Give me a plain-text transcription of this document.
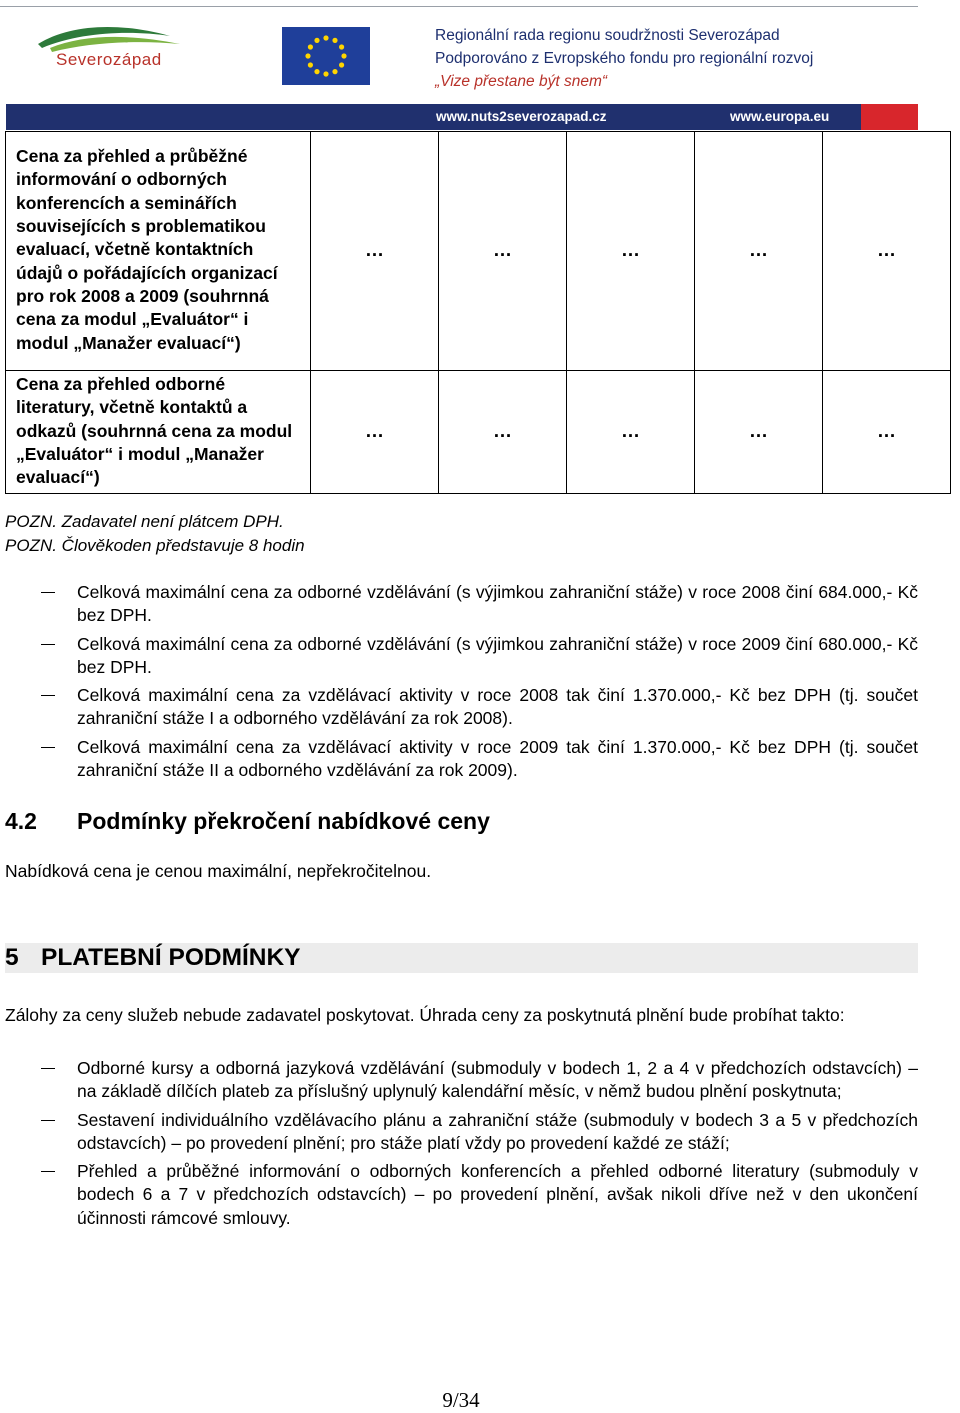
Severozápad
Regionální rada regionu soudržnosti Severozápad
Podporováno z Evropského fondu pro regionální rozvoj
„Vize přestane být snem“
www.nuts2severozapad.cz	www.europa.eu
Cena za přehled a průběžné informování o odborných konferencích a seminářích souvisejících s problematikou evaluací, včetně kontaktních údajů o pořádajících organizací pro rok 2008 a 2009 (souhrnná cena za modul „Evaluátor“ i modul „Manažer evaluací“)	…	…	…	…	…
Cena za přehled odborné literatury, včetně kontaktů a odkazů (souhrnná cena za modul „Evaluátor“ i modul „Manažer evaluací“)	…	…	…	…	…
POZN. Zadavatel není plátcem DPH.
POZN. Člověkoden představuje 8 hodin
Celková maximální cena za odborné vzdělávání (s výjimkou zahraniční stáže) v roce 2008 činí 684.000,- Kč bez DPH.
Celková maximální cena za odborné vzdělávání (s výjimkou zahraniční stáže) v roce 2009 činí 680.000,- Kč bez DPH.
Celková maximální cena za vzdělávací aktivity v roce 2008 tak činí 1.370.000,- Kč bez DPH (tj. součet zahraniční stáže I a odborného vzdělávání za rok 2008).
Celková maximální cena za vzdělávací aktivity v roce 2009 tak činí 1.370.000,- Kč bez DPH (tj. součet zahraniční stáže II a odborného vzdělávání za rok 2009).
4.2 Podmínky překročení nabídkové ceny
Nabídková cena je cenou maximální, nepřekročitelnou.
5 PLATEBNÍ PODMÍNKY
Zálohy za ceny služeb nebude zadavatel poskytovat. Úhrada ceny za poskytnutá plnění bude probíhat takto:
Odborné kursy a odborná jazyková vzdělávání (submoduly v bodech 1, 2 a 4 v předchozích odstavcích) – na základě dílčích plateb za příslušný uplynulý kalendářní měsíc, v němž budou plnění poskytnuta;
Sestavení individuálního vzdělávacího plánu a zahraniční stáže (submoduly v bodech 3 a 5 v předchozích odstavcích) – po provedení plnění; pro stáže platí vždy po provedení každé ze stáží;
Přehled a průběžné informování o odborných konferencích a přehled odborné literatury (submoduly v bodech 6 a 7 v předchozích odstavcích) – po provedení plnění, avšak nikoli dříve než v den ukončení účinnosti rámcové smlouvy.
9/34
